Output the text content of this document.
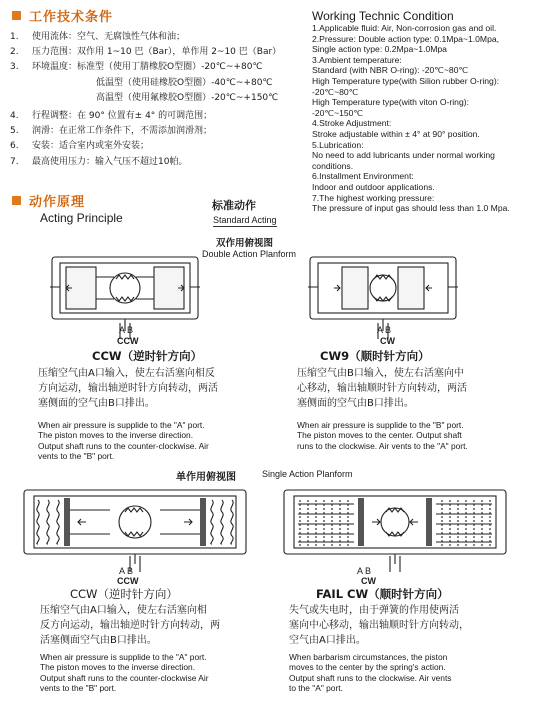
工作技术条件
1. 使用流体：空气、无腐蚀性气体和油；
2. 压力范围：双作用 1~10 巴（Bar），单作用 2~10 巴（Bar）
3. 环境温度：标准型（使用丁腈橡胶O型圈）-20℃~+80℃
低温型（使用硅橡胶O型圈）-40℃~+80℃
高温型（使用氟橡胶O型圈）-20℃~+150℃
4. 行程调整：在 90° 位置有± 4° 的可调范围；
5. 润滑：在正常工作条件下，不需添加润滑剂；
6. 安装：适合室内或室外安装；
7. 最高使用压力：输入气压不超过10帕。
Working Technic Condition
1.Applicable fluid: Air, Non-corrosion gas and oil.
2.Pressure: Double action type: 0.1Mpa~1.0Mpa,
Single action type: 0.2Mpa~1.0Mpa
3.Ambient temperature:
Standard (with NBR O-ring): -20℃~80℃
High Temperature type(with Silion rubber O-ring):
-20℃~80℃
High Temperature type(with viton O-ring):
-20℃~150℃
4.Stroke Adjustment:
Stroke adjustable within ± 4° at 90° position.
5.Lubrication:
No need to add lubricants under normal working
conditions.
6.Installment Environment:
Indoor and outdoor applications.
7.The highest working pressure:
The pressure of input gas should less than 1.0 Mpa.
动作原理
Acting Principle
标准动作
Standard Acting
双作用俯视图
Double Action Planform
A B
CCW
A B
CW
CCW（逆时针方向）
压缩空气由A口输入，使左右活塞向相反
方向运动，输出轴逆时针方向转动，两活
塞侧面的空气由B口排出。
When air pressure is supplide to the "A" port.
The piston moves to the inverse direction.
Output shaft runs to the counter-clockwise. Air
vents to the "B" port.
CW9（顺时针方向）
压缩空气由B口输入，使左右活塞向中
心移动，输出轴顺时针方向转动，两活
塞侧面的空气由B口排出。
When air pressure is supplide to the "B" port.
The piston moves to the center. Output shaft
runs to the clockwise. Air vents to the "A" port.
单作用俯视图	Single Action Planform
A B
CCW
A B
CW
CCW（逆时针方向）
压缩空气由A口输入，使左右活塞向相
反方向运动，输出轴逆时针方向转动，两
活塞侧面空气由B口排出。
When air pressure is supplide to the "A" port.
The piston moves to the inverse direction.
Output shaft runs to the counter-clockwise Air
vents to the "B" port.
FAIL CW（顺时针方向）
失气或失电时，由于弹簧的作用使两活
塞向中心移动，输出轴顺时针方向转动，
空气由A口排出。
When barbarism circumstances, the piston
moves to the center by the spring's action.
Output shaft runs to the clockwise. Air vents
to the "A" port.
